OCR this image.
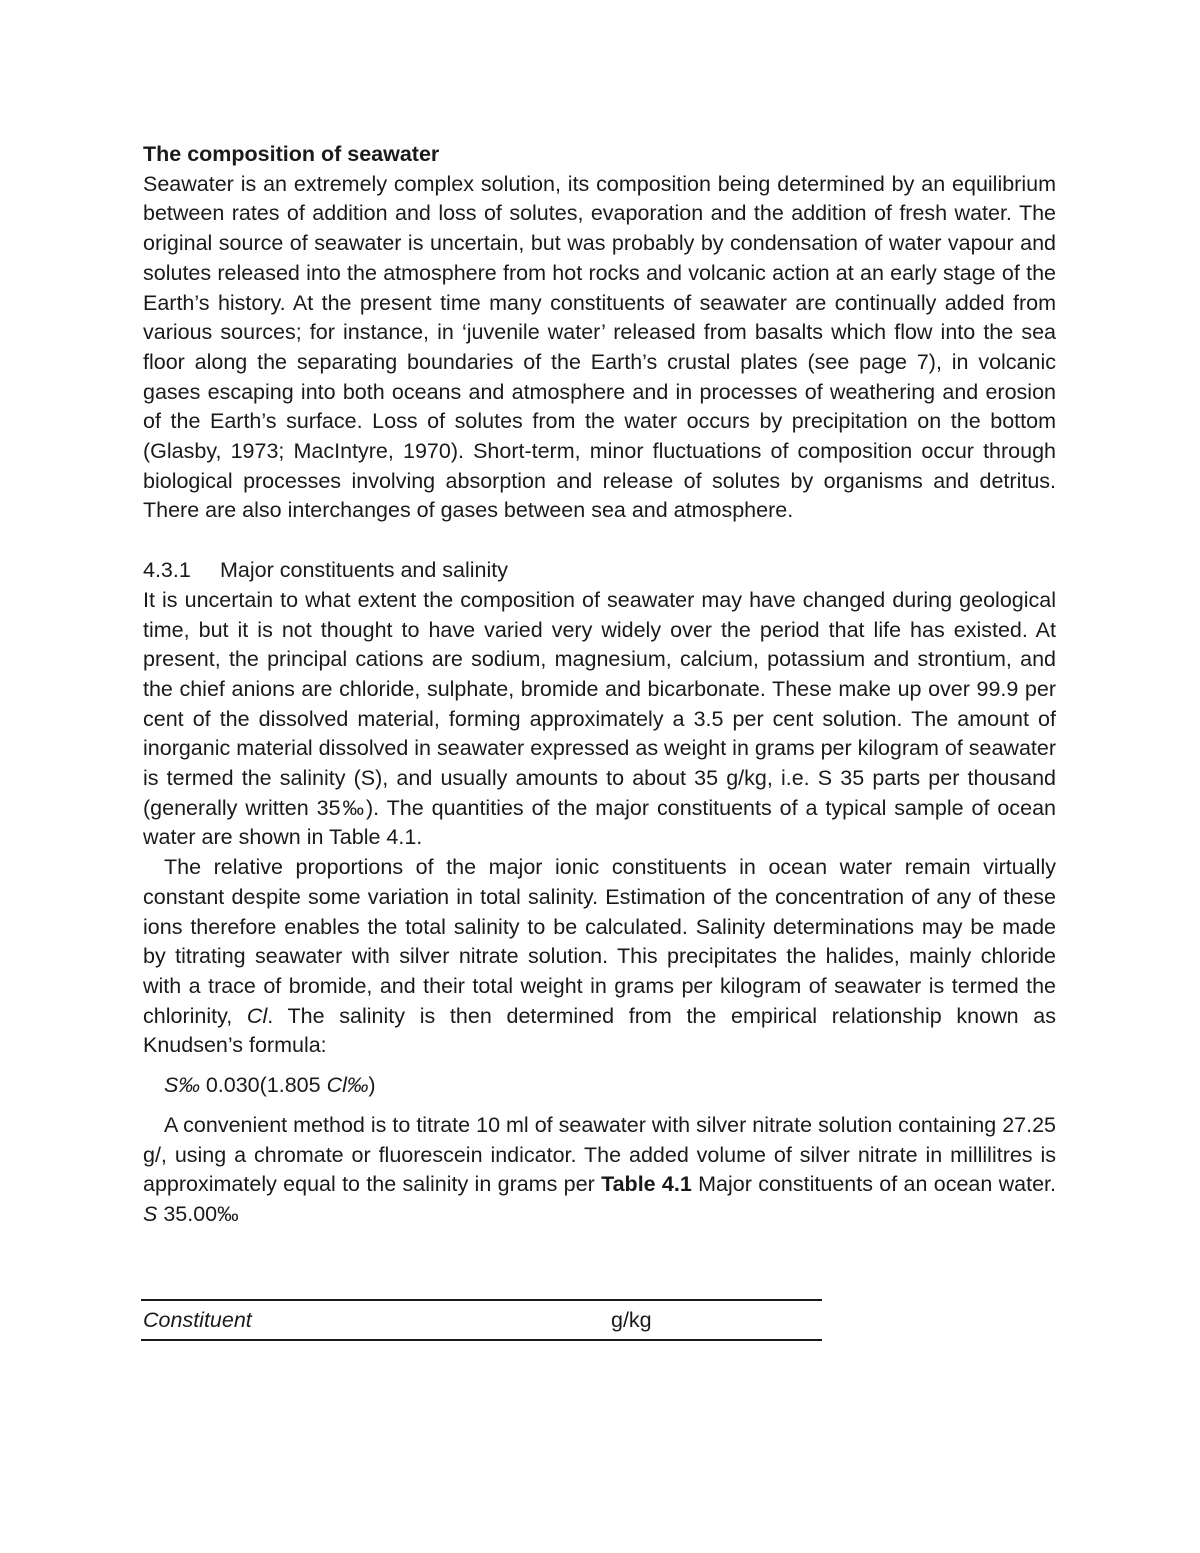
The composition of seawater

Seawater is an extremely complex solution, its composition being determined by an equilibrium between rates of addition and loss of solutes, evaporation and the addition of fresh water. The original source of seawater is uncertain, but was probably by condensation of water vapour and solutes released into the atmosphere from hot rocks and volcanic action at an early stage of the Earth’s history. At the present time many constituents of seawater are continually added from various sources; for instance, in ‘juvenile water’ released from basalts which flow into the sea floor along the separating boundaries of the Earth’s crustal plates (see page 7), in volcanic gases escaping into both oceans and atmosphere and in processes of weathering and erosion of the Earth’s surface. Loss of solutes from the water occurs by precipitation on the bottom (Glasby, 1973; MacIntyre, 1970). Short-term, minor fluctuations of composition occur through biological processes involving absorption and release of solutes by organisms and detritus. There are also interchanges of gases between sea and atmosphere.

4.3.1 Major constituents and salinity

It is uncertain to what extent the composition of seawater may have changed during geological time, but it is not thought to have varied very widely over the period that life has existed. At present, the principal cations are sodium, magnesium, calcium, potassium and strontium, and the chief anions are chloride, sulphate, bromide and bicarbonate. These make up over 99.9 per cent of the dissolved material, forming approximately a 3.5 per cent solution. The amount of inorganic material dissolved in seawater expressed as weight in grams per kilogram of seawater is termed the salinity (S), and usually amounts to about 35 g/kg, i.e. S 35 parts per thousand (generally written 35‰). The quantities of the major constituents of a typical sample of ocean water are shown in Table 4.1.

The relative proportions of the major ionic constituents in ocean water remain virtually constant despite some variation in total salinity. Estimation of the concentration of any of these ions therefore enables the total salinity to be calculated. Salinity determinations may be made by titrating seawater with silver nitrate solution. This precipitates the halides, mainly chloride with a trace of bromide, and their total weight in grams per kilogram of seawater is termed the chlorinity, Cl. The salinity is then determined from the empirical relationship known as Knudsen’s formula:

S‰ 0.030(1.805 Cl‰)

A convenient method is to titrate 10 ml of seawater with silver nitrate solution containing 27.25 g/, using a chromate or fluorescein indicator. The added volume of silver nitrate in millilitres is approximately equal to the salinity in grams per Table 4.1 Major constituents of an ocean water. S 35.00‰

Constituent	g/kg
